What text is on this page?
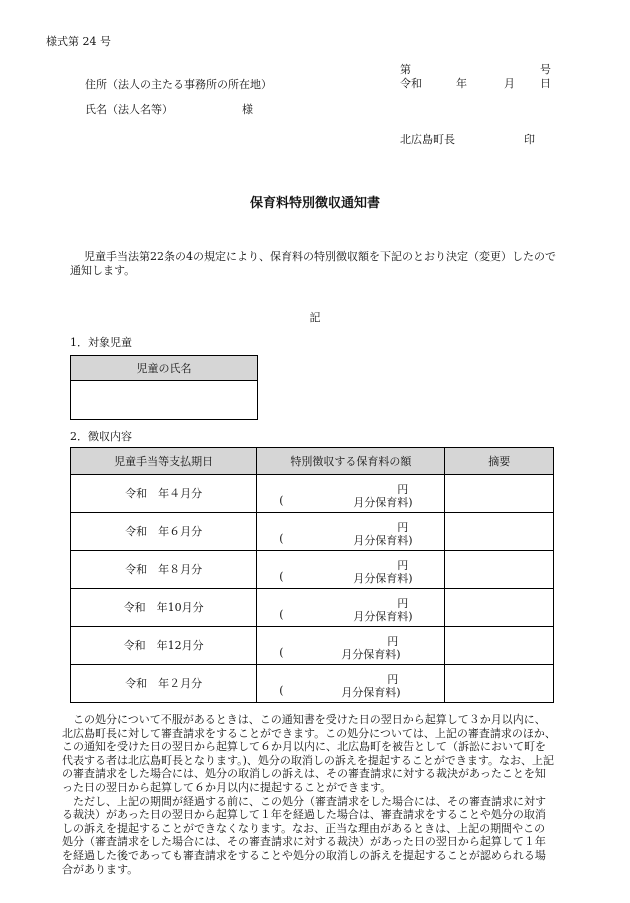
様式第 24 号
第	号
令和	年	月 日
住所（法人の主たる事務所の所在地）
氏名（法人名等）	様
北広島町長	印
保育料特別徴収通知書
児童手当法第22条の4の規定により、保育料の特別徴収額を下記のとおり決定（変更）したので通知します。
記
1．対象児童
児童の氏名

2．徴収内容
児童手当等支払期日	特別徴収する保育料の額	摘要
令和　年４月分	円
( 月分保育料)	

令和　年６月分	円
( 月分保育料)	

令和　年８月分	円
( 月分保育料)	

令和　年10月分	円
( 月分保育料)	

令和　年12月分	円
( 月分保育料)	

令和　年２月分	円
( 月分保育料)	

この処分について不服があるときは、この通知書を受けた日の翌日から起算して３か月以内に、北広島町長に対して審査請求をすることができます。この処分については、上記の審査請求のほか、この通知を受けた日の翌日から起算して６か月以内に、北広島町を被告として（訴訟において町を代表する者は北広島町長となります。)、処分の取消しの訴えを提起することができます。なお、上記の審査請求をした場合には、処分の取消しの訴えは、その審査請求に対する裁決があったことを知った日の翌日から起算して６か月以内に提起することができます。

ただし、上記の期間が経過する前に、この処分（審査請求をした場合には、その審査請求に対する裁決）があった日の翌日から起算して１年を経過した場合は、審査請求をすることや処分の取消しの訴えを提起することができなくなります。なお、正当な理由があるときは、上記の期間やこの処分（審査請求をした場合には、その審査請求に対する裁決）があった日の翌日から起算して１年を経過した後であっても審査請求をすることや処分の取消しの訴えを提起することが認められる場合があります。
